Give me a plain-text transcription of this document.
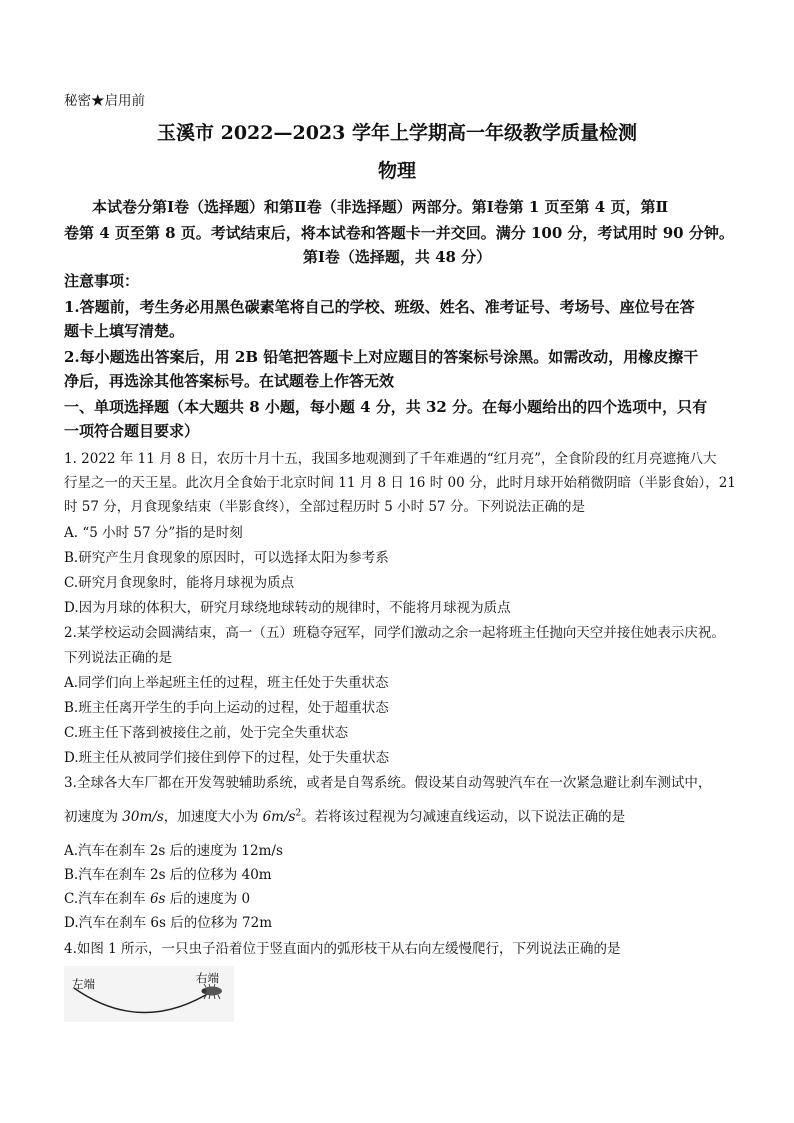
秘密★启用前
玉溪市 2022—2023 学年上学期高一年级教学质量检测
物理
本试卷分第Ⅰ卷（选择题）和第Ⅱ卷（非选择题）两部分。第Ⅰ卷第 1 页至第 4 页，第Ⅱ
卷第 4 页至第 8 页。考试结束后，将本试卷和答题卡一并交回。满分 100 分，考试用时 90 分钟。
第Ⅰ卷（选择题，共 48 分）
注意事项：
1.答题前，考生务必用黑色碳素笔将自己的学校、班级、姓名、准考证号、考场号、座位号在答
题卡上填写清楚。
2.每小题选出答案后，用 2B 铅笔把答题卡上对应题目的答案标号涂黑。如需改动，用橡皮擦干
净后，再选涂其他答案标号。在试题卷上作答无效
一、单项选择题（本大题共 8 小题，每小题 4 分，共 32 分。在每小题给出的四个选项中，只有
一项符合题目要求）
1. 2022 年 11 月 8 日，农历十月十五，我国多地观测到了千年难遇的“红月亮”，全食阶段的红月亮遮掩八大
行星之一的天王星。此次月全食始于北京时间 11 月 8 日 16 时 00 分，此时月球开始稍微阴暗（半影食始），21
时 57 分，月食现象结束（半影食终），全部过程历时 5 小时 57 分。下列说法正确的是
A. “5 小时 57 分”指的是时刻
B.研究产生月食现象的原因时，可以选择太阳为参考系
C.研究月食现象时，能将月球视为质点
D.因为月球的体积大，研究月球绕地球转动的规律时，不能将月球视为质点
2.某学校运动会圆满结束，高一（五）班稳夺冠军，同学们激动之余一起将班主任抛向天空并接住她表示庆祝。
下列说法正确的是
A.同学们向上举起班主任的过程，班主任处于失重状态
B.班主任离开学生的手向上运动的过程，处于超重状态
C.班主任下落到被接住之前，处于完全失重状态
D.班主任从被同学们接住到停下的过程，处于失重状态
3.全球各大车厂都在开发驾驶辅助系统，或者是自驾系统。假设某自动驾驶汽车在一次紧急避让刹车测试中，
初速度为 30m/s，加速度大小为 $6m/s^2$。若将该过程视为匀减速直线运动，以下说法正确的是
A.汽车在刹车 2s 后的速度为 12m/s
B.汽车在刹车 2s 后的位移为 40m
C.汽车在刹车 6s 后的速度为 0
D.汽车在刹车 6s 后的位移为 72m
4.如图 1 所示，一只虫子沿着位于竖直面内的弧形枝干从右向左缓慢爬行，下列说法正确的是
左端	右端
